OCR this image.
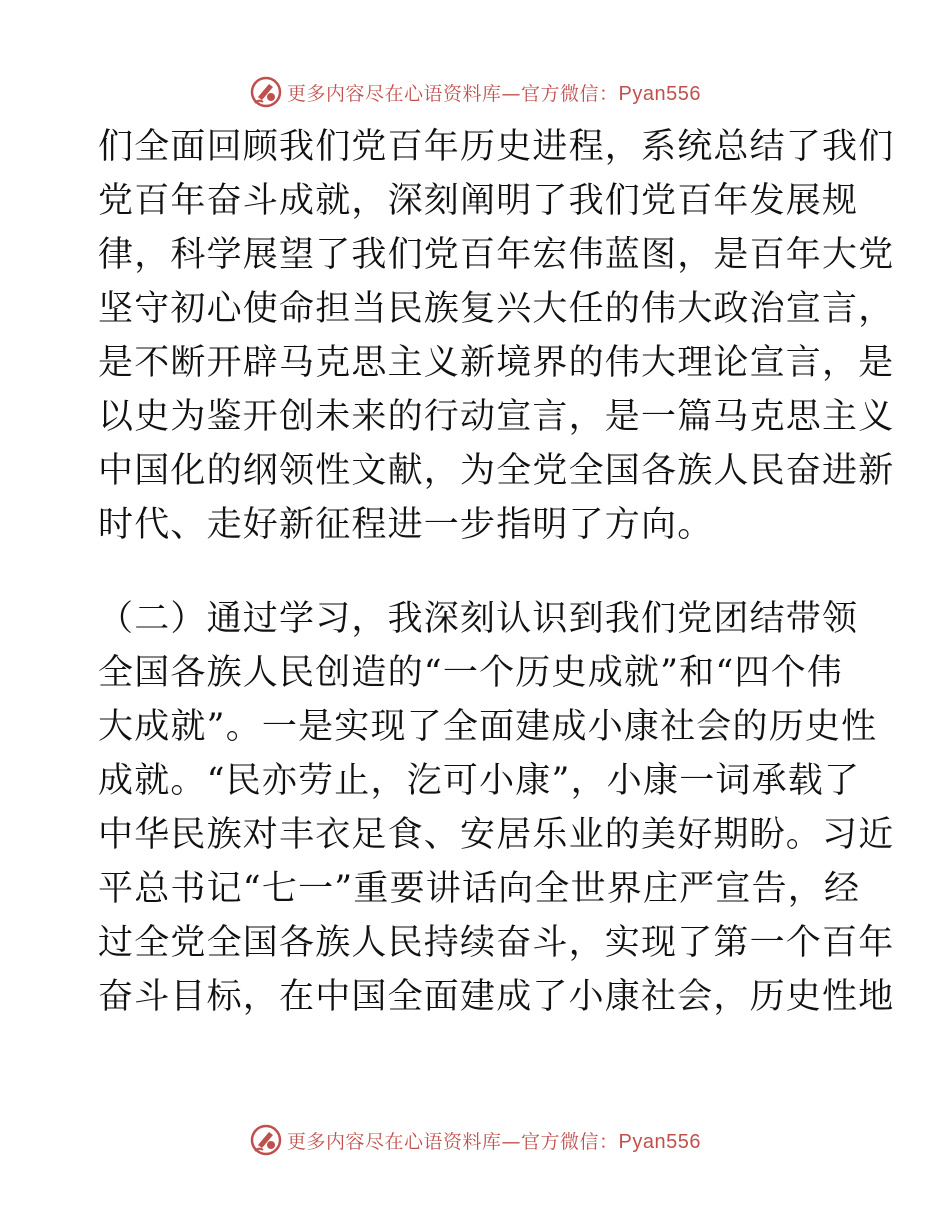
更多内容尽在心语资料库—官方微信：Pyan556
们全面回顾我们党百年历史进程，系统总结了我们
党百年奋斗成就，深刻阐明了我们党百年发展规
律，科学展望了我们党百年宏伟蓝图，是百年大党
坚守初心使命担当民族复兴大任的伟大政治宣言，
是不断开辟马克思主义新境界的伟大理论宣言，是
以史为鉴开创未来的行动宣言，是一篇马克思主义
中国化的纲领性文献，为全党全国各族人民奋进新
时代、走好新征程进一步指明了方向。
（二）通过学习，我深刻认识到我们党团结带领
全国各族人民创造的“一个历史成就”和“四个伟
大成就”。一是实现了全面建成小康社会的历史性
成就。“民亦劳止，汔可小康”，小康一词承载了
中华民族对丰衣足食、安居乐业的美好期盼。习近
平总书记“七一”重要讲话向全世界庄严宣告，经
过全党全国各族人民持续奋斗，实现了第一个百年
奋斗目标，在中国全面建成了小康社会，历史性地
更多内容尽在心语资料库—官方微信：Pyan556
